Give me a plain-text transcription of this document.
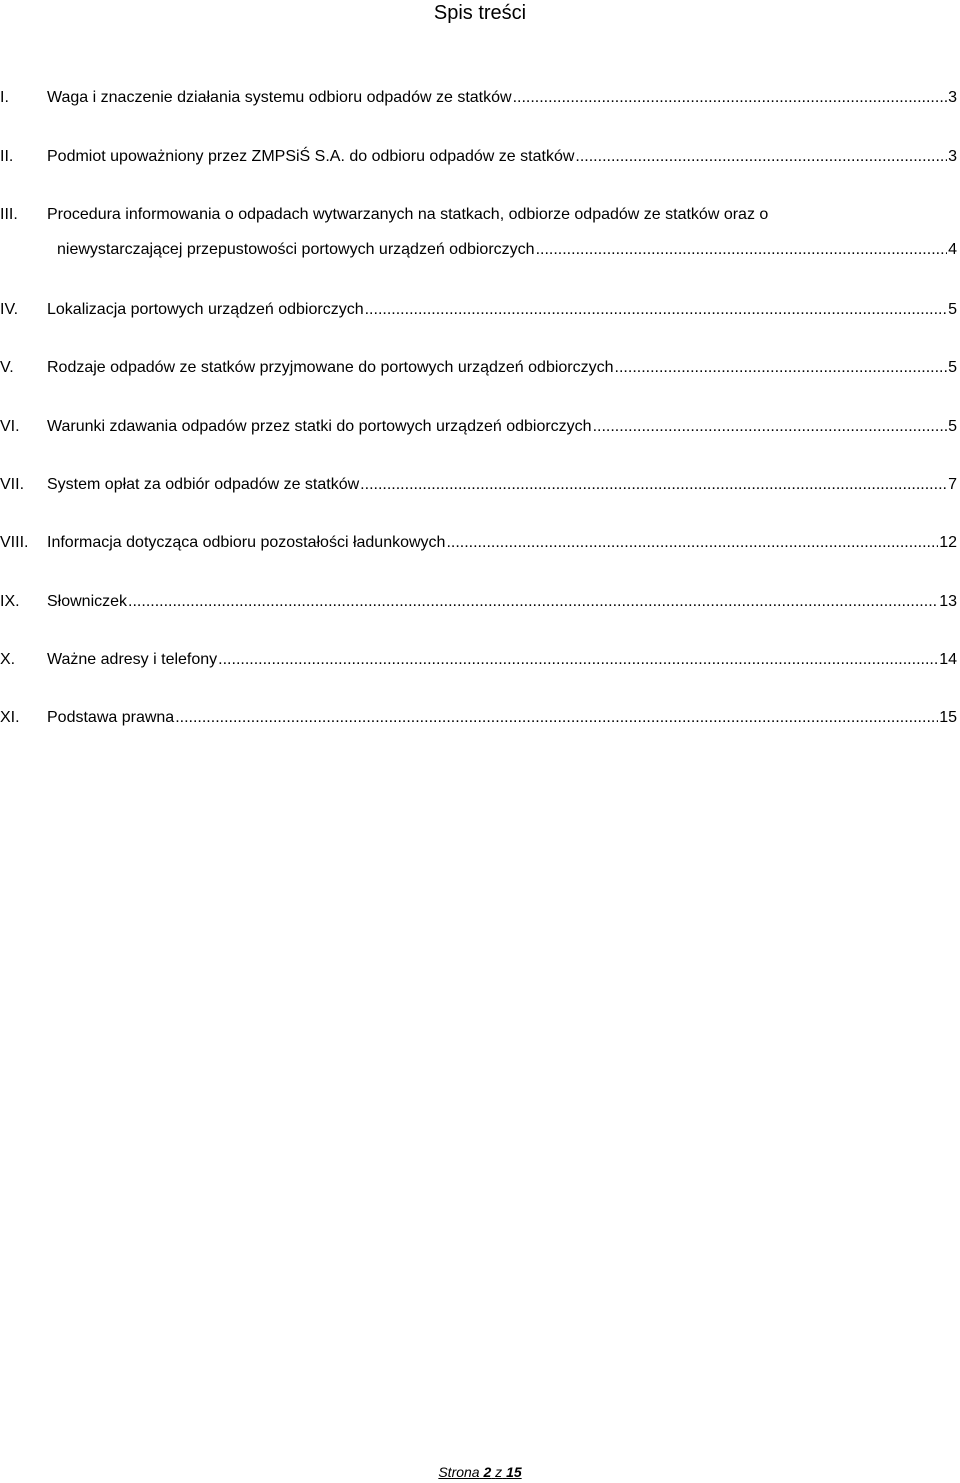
Spis treści
I. Waga i znaczenie działania systemu odbioru odpadów ze statków .....	3
II. Podmiot upoważniony przez ZMPSiŚ S.A. do odbioru odpadów ze statków .....	3
III. Procedura informowania o odpadach wytwarzanych na statkach, odbiorze odpadów ze statków oraz o
niewystarczającej przepustowości portowych urządzeń odbiorczych .....	4
IV. Lokalizacja portowych urządzeń odbiorczych .....	5
V. Rodzaje odpadów ze statków przyjmowane do portowych urządzeń odbiorczych .....	5
VI. Warunki zdawania odpadów przez statki do portowych urządzeń odbiorczych .....	5
VII. System opłat za odbiór odpadów ze statków .....	7
VIII. Informacja dotycząca odbioru pozostałości ładunkowych .....	12
IX. Słowniczek .....	13
X. Ważne adresy i telefony .....	14
XI. Podstawa prawna .....	15
Strona 2 z 15
